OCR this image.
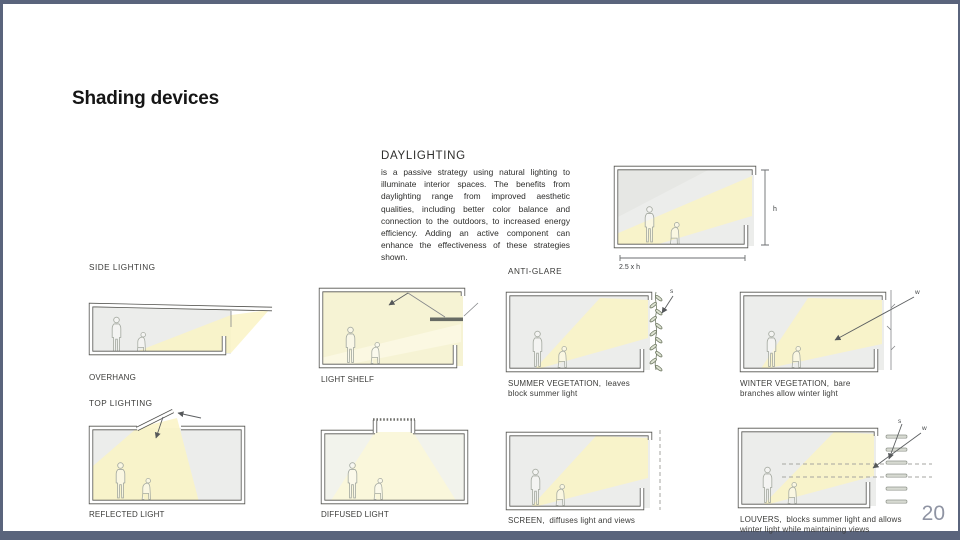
Shading devices

DAYLIGHTING

is a passive strategy using natural lighting to illuminate interior spaces. The benefits from daylighting range from improved aesthetic qualities, including better color balance and connection to the outdoors, to increased energy efficiency. Adding an active component can enhance the effectiveness of these strategies shown.

h
2.5 x h
SIDE LIGHTING	ANTI-GLARE
TOP LIGHTING
OVERHANG	LIGHT SHELF
s
SUMMER VEGETATION,  leaves block summer light
w
WINTER VEGETATION,  bare branches allow winter light
REFLECTED LIGHT	DIFFUSED LIGHT
SCREEN,  diffuses light and views
s
w
LOUVERS,  blocks summer light and allows winter light while maintaining views
20
